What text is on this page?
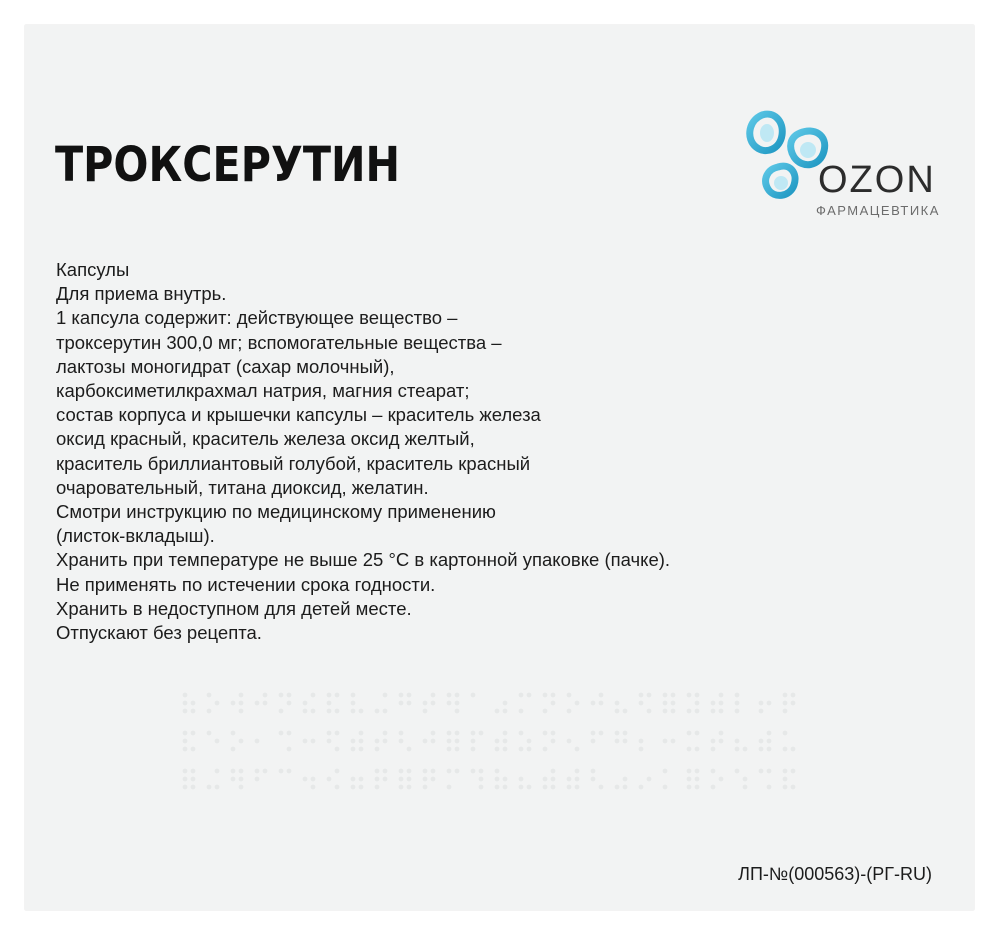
ТРОКСЕРУТИН	OZON
ФАРМАЦЕВТИКА
Капсулы
Для приема внутрь.
1 капсула содержит: действующее вещество –
троксерутин 300,0 мг; вспомогательные вещества –
лактозы моногидрат (сахар молочный),
карбоксиметилкрахмал натрия, магния стеарат;
состав корпуса и крышечки капсулы – краситель железа
оксид красный, краситель железа оксид желтый,
краситель бриллиантовый голубой, краситель красный
очаровательный, титана диоксид, желатин.
Смотри инструкцию по медицинскому применению
(листок-вкладыш).
Хранить при температуре не выше 25 °С в картонной упаковке (пачке).
Не применять по истечении срока годности.
Хранить в недоступном для детей месте.
Отпускают без рецепта.
ЛП-№(000563)-(РГ-RU)
